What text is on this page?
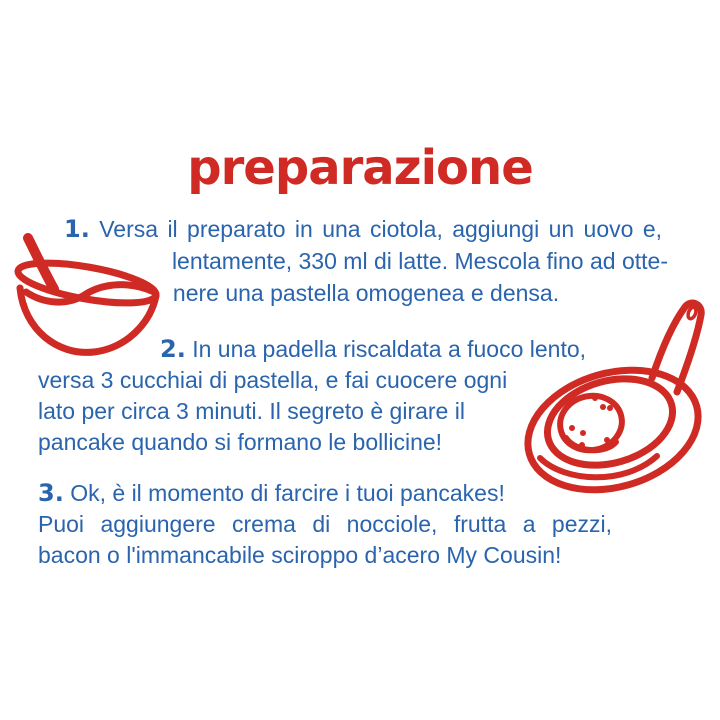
preparazione
1. Versa il preparato in una ciotola, aggiungi un uovo e,
lentamente, 330 ml di latte. Mescola fino ad otte-
nere una pastella omogenea e densa.
2. In una padella riscaldata a fuoco lento,
versa 3 cucchiai di pastella, e fai cuocere ogni
lato per circa 3 minuti. Il segreto è girare il
pancake quando si formano le bollicine!
3. Ok, è il momento di farcire i tuoi pancakes!
Puoi aggiungere crema di nocciole, frutta a pezzi,
bacon o l'immancabile sciroppo d’acero My Cousin!
